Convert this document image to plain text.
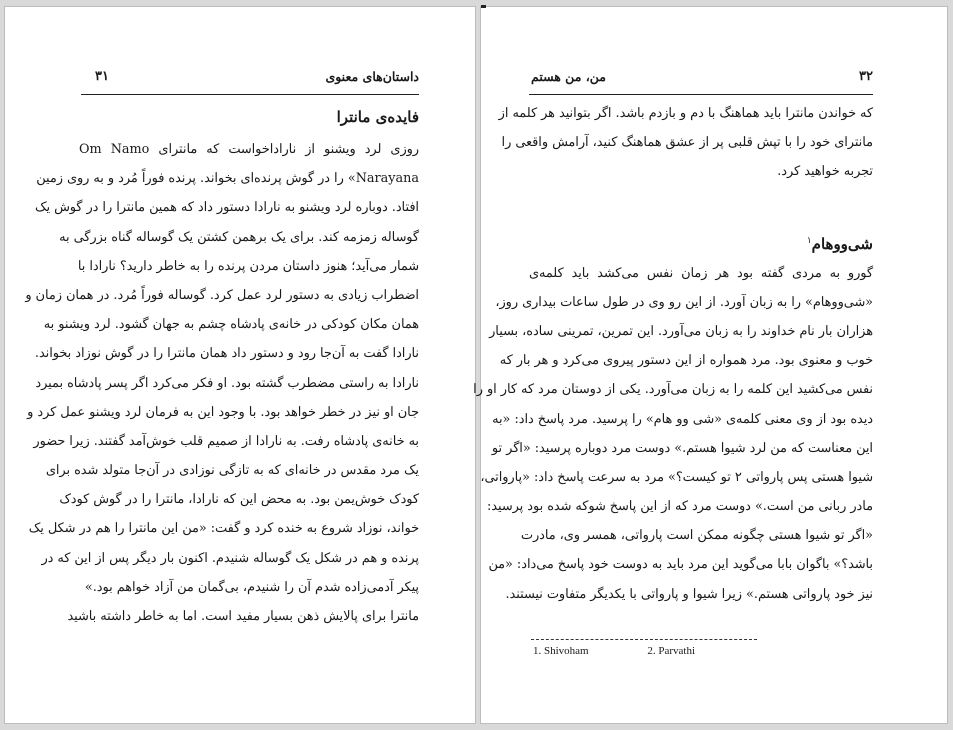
داستان‌های معنوی
۳۱
فایده‌ی مانترا
روزی لرد ویشنو از ناراداخواست که مانترای Om Namo
Narayana» را در گوش پرنده‌ای بخواند. پرنده فوراً مُرد و به روی زمین
افتاد. دوباره لرد ویشنو به نارادا دستور داد که همین مانترا را در گوش یک
گوساله زمزمه کند. برای یک برهمن کشتن یک گوساله گناه بزرگی به
شمار می‌آید؛ هنوز داستان مردن پرنده را به خاطر دارید؟ نارادا با
اضطراب زیادی به دستور لرد عمل کرد. گوساله فوراً مُرد. در همان زمان و
همان مکان کودکی در خانه‌ی پادشاه چشم به جهان گشود. لرد ویشنو به
نارادا گفت به آن‌جا رود و دستور داد همان مانترا را در گوش نوزاد بخواند.
نارادا به راستی مضطرب گشته بود. او فکر می‌کرد اگر پسر پادشاه بمیرد
جان او نیز در خطر خواهد بود. با وجود این به فرمان لرد ویشنو عمل کرد و
به خانه‌ی پادشاه رفت. به نارادا از صمیم قلب خوش‌آمد گفتند. زیرا حضور
یک مرد مقدس در خانه‌ای که به تازگی نوزادی در آن‌جا متولد شده برای
کودک خوش‌یمن بود. به محض این که نارادا، مانترا را در گوش کودک
خواند، نوزاد شروع به خنده کرد و گفت: «من این مانترا را هم در شکل یک
پرنده و هم در شکل یک گوساله شنیدم. اکنون بار دیگر پس از این که در
پیکر آدمی‌زاده شدم آن را شنیدم، بی‌گمان من آزاد خواهم بود.»
مانترا برای پالایش ذهن بسیار مفید است. اما به خاطر داشته باشید
من، من هستم	۳۲
که خواندن مانترا باید هماهنگ با دم و بازدم باشد. اگر بتوانید هر کلمه از
مانترای خود را با تپش قلبی پر از عشق هماهنگ کنید، آرامش واقعی را
تجربه خواهید کرد.
شی‌ووهام$^۱$
گورو به مردی گفته بود هر زمان نفس می‌کشد باید کلمه‌ی
«شی‌ووهام» را به زبان آورد. از این رو وی در طول ساعات بیداری روز،
هزاران بار نام خداوند را به زبان می‌آورد. این تمرین، تمرینی ساده، بسیار
خوب و معنوی بود. مرد همواره از این دستور پیروی می‌کرد و هر بار که
نفس می‌کشید این کلمه را به زبان می‌آورد. یکی از دوستان مرد که کار او را
دیده بود از وی معنی کلمه‌ی «شی وو هام» را پرسید. مرد پاسخ داد: «به
این معناست که من لرد شیوا هستم.» دوست مرد دوباره پرسید: «اگر تو
شیوا هستی پس پارواتی ۲ تو کیست؟» مرد به سرعت پاسخ داد: «پارواتی،
مادر ربانی من است.» دوست مرد که از این پاسخ شوکه شده بود پرسید:
«اگر تو شیوا هستی چگونه ممکن است پارواتی، همسر وی، مادرت
باشد؟» باگوان بابا می‌گوید این مرد باید به دوست خود پاسخ می‌داد: «من
نیز خود پارواتی هستم.» زیرا شیوا و پارواتی با یکدیگر متفاوت نیستند.
1. Shivoham	2. Parvathi
